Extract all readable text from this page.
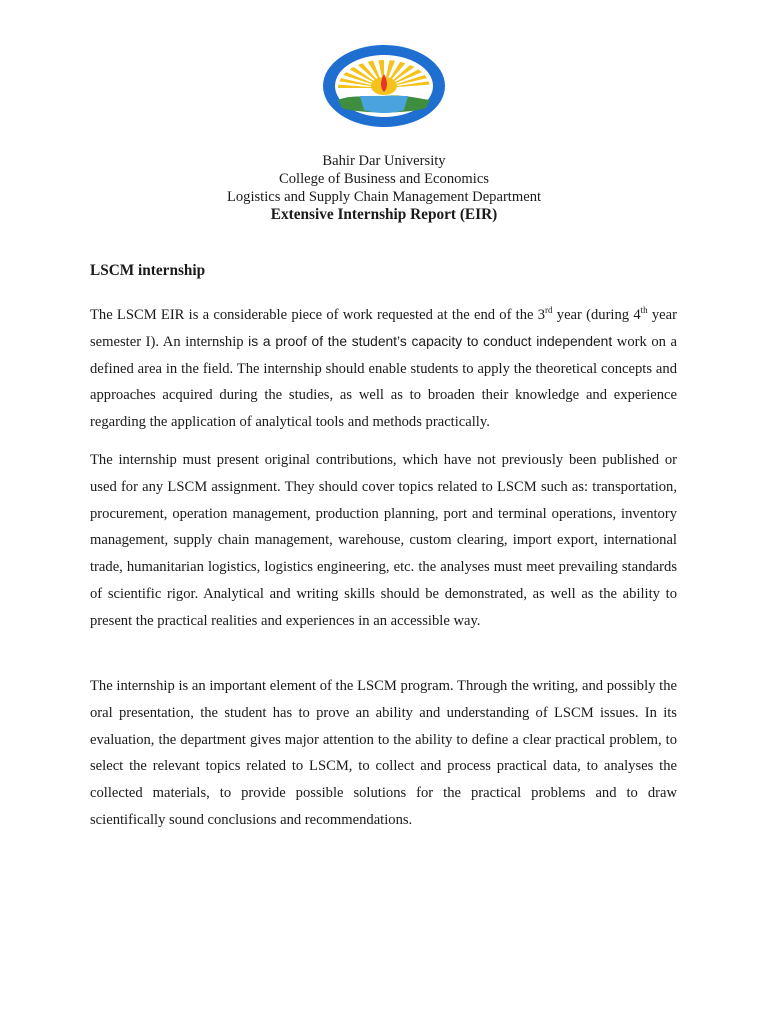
Bahir Dar University
College of Business and Economics
Logistics and Supply Chain Management Department
Extensive Internship Report (EIR)
LSCM internship

The LSCM EIR is a considerable piece of work requested at the end of the 3rd year (during 4th year semester I). An internship is a proof of the student’s capacity to conduct independent work on a defined area in the field. The internship should enable students to apply the theoretical concepts and approaches acquired during the studies, as well as to broaden their knowledge and experience regarding the application of analytical tools and methods practically.

The internship must present original contributions, which have not previously been published or used for any LSCM assignment. They should cover topics related to LSCM such as: transportation, procurement, operation management, production planning, port and terminal operations, inventory management, supply chain management, warehouse, custom clearing, import export, international trade, humanitarian logistics, logistics engineering, etc. the analyses must meet prevailing standards of scientific rigor. Analytical and writing skills should be demonstrated, as well as the ability to present the practical realities and experiences in an accessible way.

The internship is an important element of the LSCM program. Through the writing, and possibly the oral presentation, the student has to prove an ability and understanding of LSCM issues. In its evaluation, the department gives major attention to the ability to define a clear practical problem, to select the relevant topics related to LSCM, to collect and process practical data, to analyses the collected materials, to provide possible solutions for the practical problems and to draw scientifically sound conclusions and recommendations.
